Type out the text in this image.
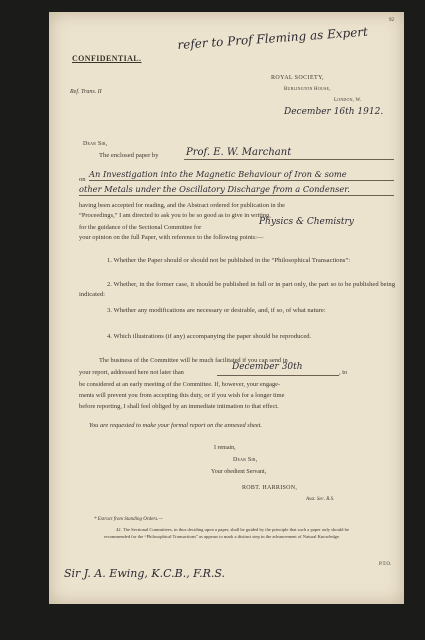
92
refer to Prof Fleming as Expert
CONFIDENTIAL.
ROYAL SOCIETY,
Ref. Trans. II	Burlington House,
London, W.
December 16th 1912.
Dear Sir,
The enclosed paper by	Prof. E. W. Marchant
on
An Investigation into the Magnetic Behaviour of Iron & some
other Metals under the Oscillatory Discharge from a Condenser.
having been accepted for reading, and the Abstract ordered for publication in the
“Proceedings,” I am directed to ask you to be so good as to give in writing,
for the guidance of the Sectional Committee for
Physics & Chemistry
your opinion on the full Paper, with reference to the following points:—
1. Whether the Paper should or should not be published in the “Philosophical Transactions”:
2. Whether, in the former case, it should be published in full or in part only, the part so to be published being indicated:
3. Whether any modifications are necessary or desirable, and, if so, of what nature:
4. Which illustrations (if any) accompanying the paper should be reproduced.
The business of the Committee will be much facilitated if you can send in
your report, addressed here not later than
December 30th
, to
be considered at an early meeting of the Committee. If, however, your engage-
ments will prevent you from accepting this duty, or if you wish for a longer time
before reporting, I shall feel obliged by an immediate intimation to that effect.
You are requested to make your formal report on the annexed sheet.
I remain,
Dear Sir,
Your obedient Servant,
ROBT. HARRISON,
Asst. Sec. R.S.
* Extract from Standing Orders.—
42. The Sectional Committees, in thus deciding upon a paper, shall be guided by the principle that such a paper only should be recommended for the “Philosophical Transactions” as appears to mark a distinct step in the advancement of Natural Knowledge.
Sir J. A. Ewing, K.C.B., F.R.S.
P.T.O.
